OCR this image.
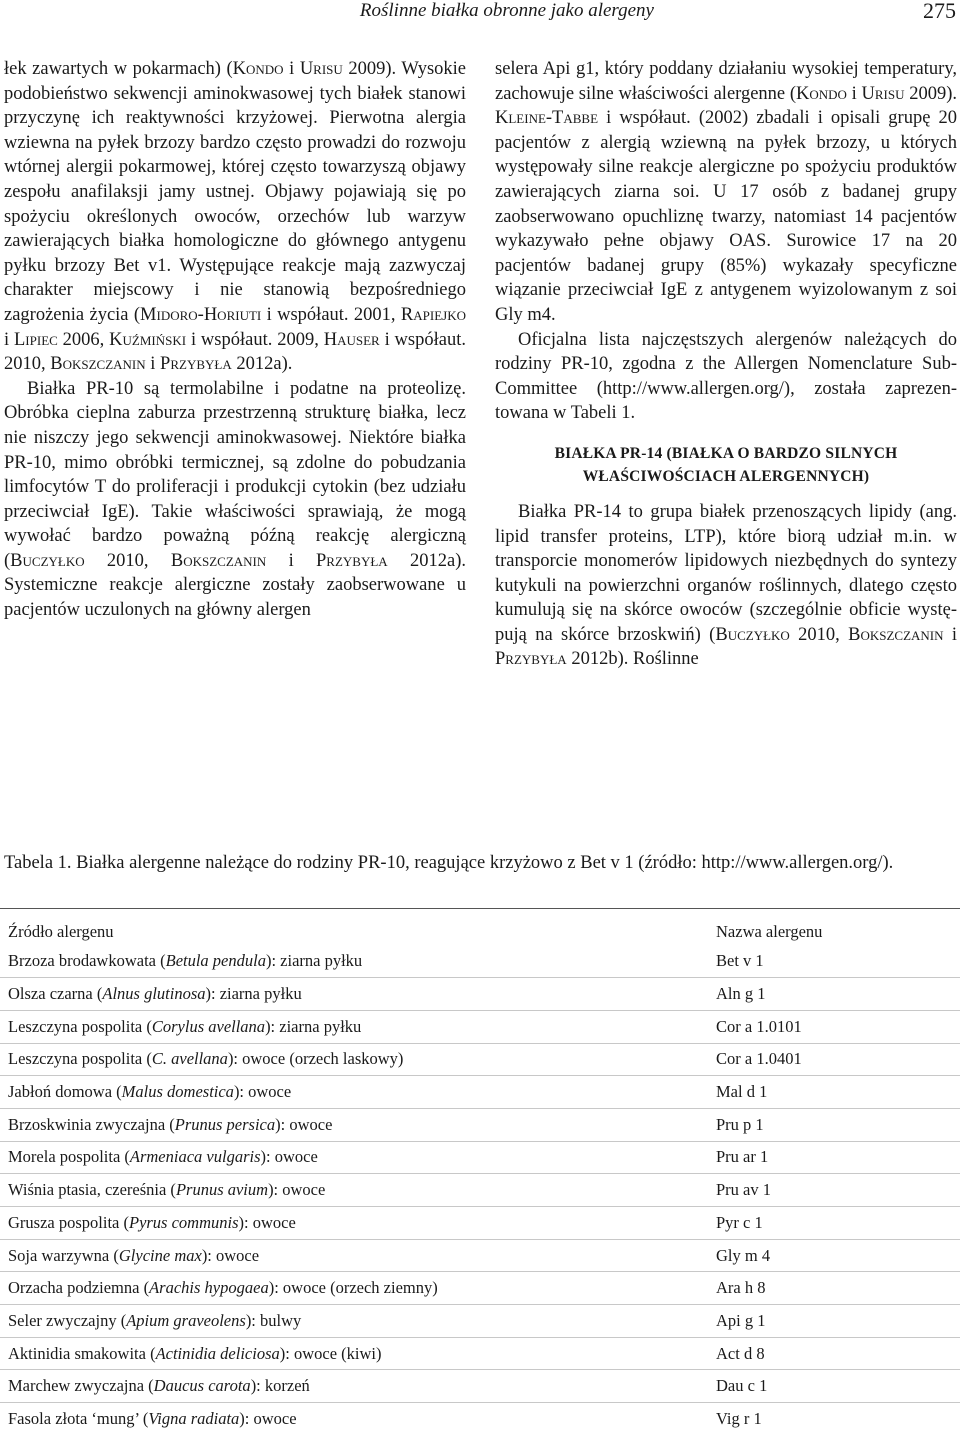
Roślinne białka obronne jako alergeny	275

łek zawartych w pokarmach) (Kondo i Urisu 2009). Wysokie podobieństwo sekwencji aminokwasowej tych białek stanowi przyczynę ich reaktywności krzyżowej. Pierwotna alergia wziewna na pyłek brzozy bardzo często prowadzi do rozwoju wtórnej alergii pokarmowej, której często towarzyszą objawy zespołu anafilaksji jamy ustnej. Objawy pojawiają się po spożyciu określonych owoców, orzechów lub warzyw zawierających białka homologiczne do głównego antygenu pyłku brzozy Bet v1. Występujące reakcje mają zazwyczaj charakter miejscowy i nie stanowią bezpośredniego zagrożenia życia (Midoro-Horiuti i współaut. 2001, Rapiejko i Lipiec 2006, Kuźmiński i współaut. 2009, Hauser i współaut. 2010, Bokszczanin i Przybyła 2012a).

Białka PR-10 są termolabilne i podatne na proteolizę. Obróbka cieplna zaburza przestrzenną strukturę białka, lecz nie niszczy jego sekwencji aminokwasowej. Niektóre białka PR-10, mimo obróbki termicznej, są zdolne do pobudzania limfocytów T do proliferacji i produkcji cytokin (bez udziału przeciwciał IgE). Takie właściwości sprawiają, że mogą wywołać bardzo poważną późną reakcję alergiczną (Buczyłko 2010, Bokszczanin i Przybyła 2012a). Systemiczne reakcje alergiczne zostały zaobserwowane u pacjentów uczulonych na główny alergen

selera Api g1, który poddany działaniu wysokiej temperatury, zachowuje silne właściwości alergenne (Kondo i Urisu 2009). Kleine-Tabbe i współaut. (2002) zbadali i opisali grupę 20 pacjentów z alergią wziewną na pyłek brzozy, u których występowały silne reakcje alergiczne po spożyciu produktów zawierających ziarna soi. U 17 osób z badanej grupy zaobserwowano opuchliznę twarzy, natomiast 14 pacjentów wykazywało pełne objawy OAS. Surowice 17 na 20 pacjentów badanej grupy (85%) wykazały specyficzne wiązanie przeciwciał IgE z antygenem wyizolowanym z soi Gly m4.

Oficjalna lista najczęstszych alergenów należących do rodziny PR-10, zgodna z the Allergen Nomenclature Sub-Committee (http://www.allergen.org/), została zaprezentowana w Tabeli 1.

BIAŁKA PR-14 (BIAŁKA O BARDZO SILNYCH
WŁAŚCIWOŚCIACH ALERGENNYCH)

Białka PR-14 to grupa białek przenoszących lipidy (ang. lipid transfer proteins, LTP), które biorą udział m.in. w transporcie monomerów lipidowych niezbędnych do syntezy kutykuli na powierzchni organów roślinnych, dlatego często kumulują się na skórce owoców (szczególnie obficie występują na skórce brzoskwiń) (Buczyłko 2010, Bokszczanin i Przybyła 2012b). Roślinne

Tabela 1. Białka alergenne należące do rodziny PR-10, reagujące krzyżowo z Bet v 1 (źródło: http://www.allergen.org/).
Źródło alergenu	Nazwa alergenu
Brzoza brodawkowata (Betula pendula): ziarna pyłku	Bet v 1
Olsza czarna (Alnus glutinosa): ziarna pyłku	Aln g 1
Leszczyna pospolita (Corylus avellana): ziarna pyłku	Cor a 1.0101
Leszczyna pospolita (C. avellana): owoce (orzech laskowy)	Cor a 1.0401
Jabłoń domowa (Malus domestica): owoce	Mal d 1
Brzoskwinia zwyczajna (Prunus persica): owoce	Pru p 1
Morela pospolita (Armeniaca vulgaris): owoce	Pru ar 1
Wiśnia ptasia, czereśnia (Prunus avium): owoce	Pru av 1
Grusza pospolita (Pyrus communis): owoce	Pyr c 1
Soja warzywna (Glycine max): owoce	Gly m 4
Orzacha podziemna (Arachis hypogaea): owoce (orzech ziemny)	Ara h 8
Seler zwyczajny (Apium graveolens): bulwy	Api g 1
Aktinidia smakowita (Actinidia deliciosa): owoce (kiwi)	Act d 8
Marchew zwyczajna (Daucus carota): korzeń	Dau c 1
Fasola złota ‘mung’ (Vigna radiata): owoce	Vig r 1
